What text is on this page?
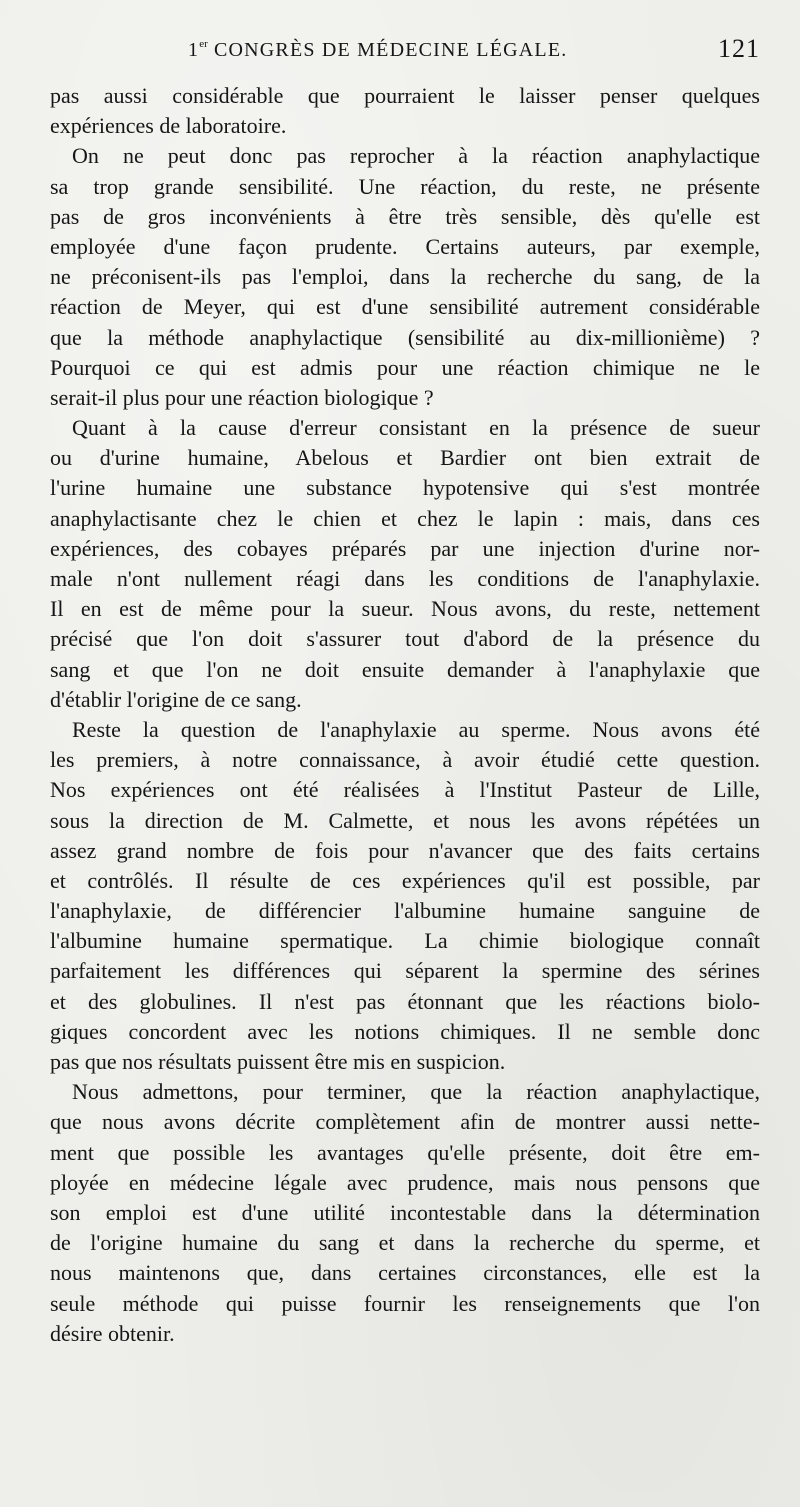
1er CONGRÈS DE MÉDECINE LÉGALE.	121
pas aussi considérable que pourraient le laisser penser quelques
expériences de laboratoire.
On ne peut donc pas reprocher à la réaction anaphylactique
sa trop grande sensibilité. Une réaction, du reste, ne présente
pas de gros inconvénients à être très sensible, dès qu'elle est
employée d'une façon prudente. Certains auteurs, par exemple,
ne préconisent-ils pas l'emploi, dans la recherche du sang, de la
réaction de Meyer, qui est d'une sensibilité autrement considérable
que la méthode anaphylactique (sensibilité au dix-millionième) ?
Pourquoi ce qui est admis pour une réaction chimique ne le
serait-il plus pour une réaction biologique ?
Quant à la cause d'erreur consistant en la présence de sueur
ou d'urine humaine, Abelous et Bardier ont bien extrait de
l'urine humaine une substance hypotensive qui s'est montrée
anaphylactisante chez le chien et chez le lapin : mais, dans ces
expériences, des cobayes préparés par une injection d'urine nor-
male n'ont nullement réagi dans les conditions de l'anaphylaxie.
Il en est de même pour la sueur. Nous avons, du reste, nettement
précisé que l'on doit s'assurer tout d'abord de la présence du
sang et que l'on ne doit ensuite demander à l'anaphylaxie que
d'établir l'origine de ce sang.
Reste la question de l'anaphylaxie au sperme. Nous avons été
les premiers, à notre connaissance, à avoir étudié cette question.
Nos expériences ont été réalisées à l'Institut Pasteur de Lille,
sous la direction de M. Calmette, et nous les avons répétées un
assez grand nombre de fois pour n'avancer que des faits certains
et contrôlés. Il résulte de ces expériences qu'il est possible, par
l'anaphylaxie, de différencier l'albumine humaine sanguine de
l'albumine humaine spermatique. La chimie biologique connaît
parfaitement les différences qui séparent la spermine des sérines
et des globulines. Il n'est pas étonnant que les réactions biolo-
giques concordent avec les notions chimiques. Il ne semble donc
pas que nos résultats puissent être mis en suspicion.
Nous admettons, pour terminer, que la réaction anaphylactique,
que nous avons décrite complètement afin de montrer aussi nette-
ment que possible les avantages qu'elle présente, doit être em-
ployée en médecine légale avec prudence, mais nous pensons que
son emploi est d'une utilité incontestable dans la détermination
de l'origine humaine du sang et dans la recherche du sperme, et
nous maintenons que, dans certaines circonstances, elle est la
seule méthode qui puisse fournir les renseignements que l'on
désire obtenir.
